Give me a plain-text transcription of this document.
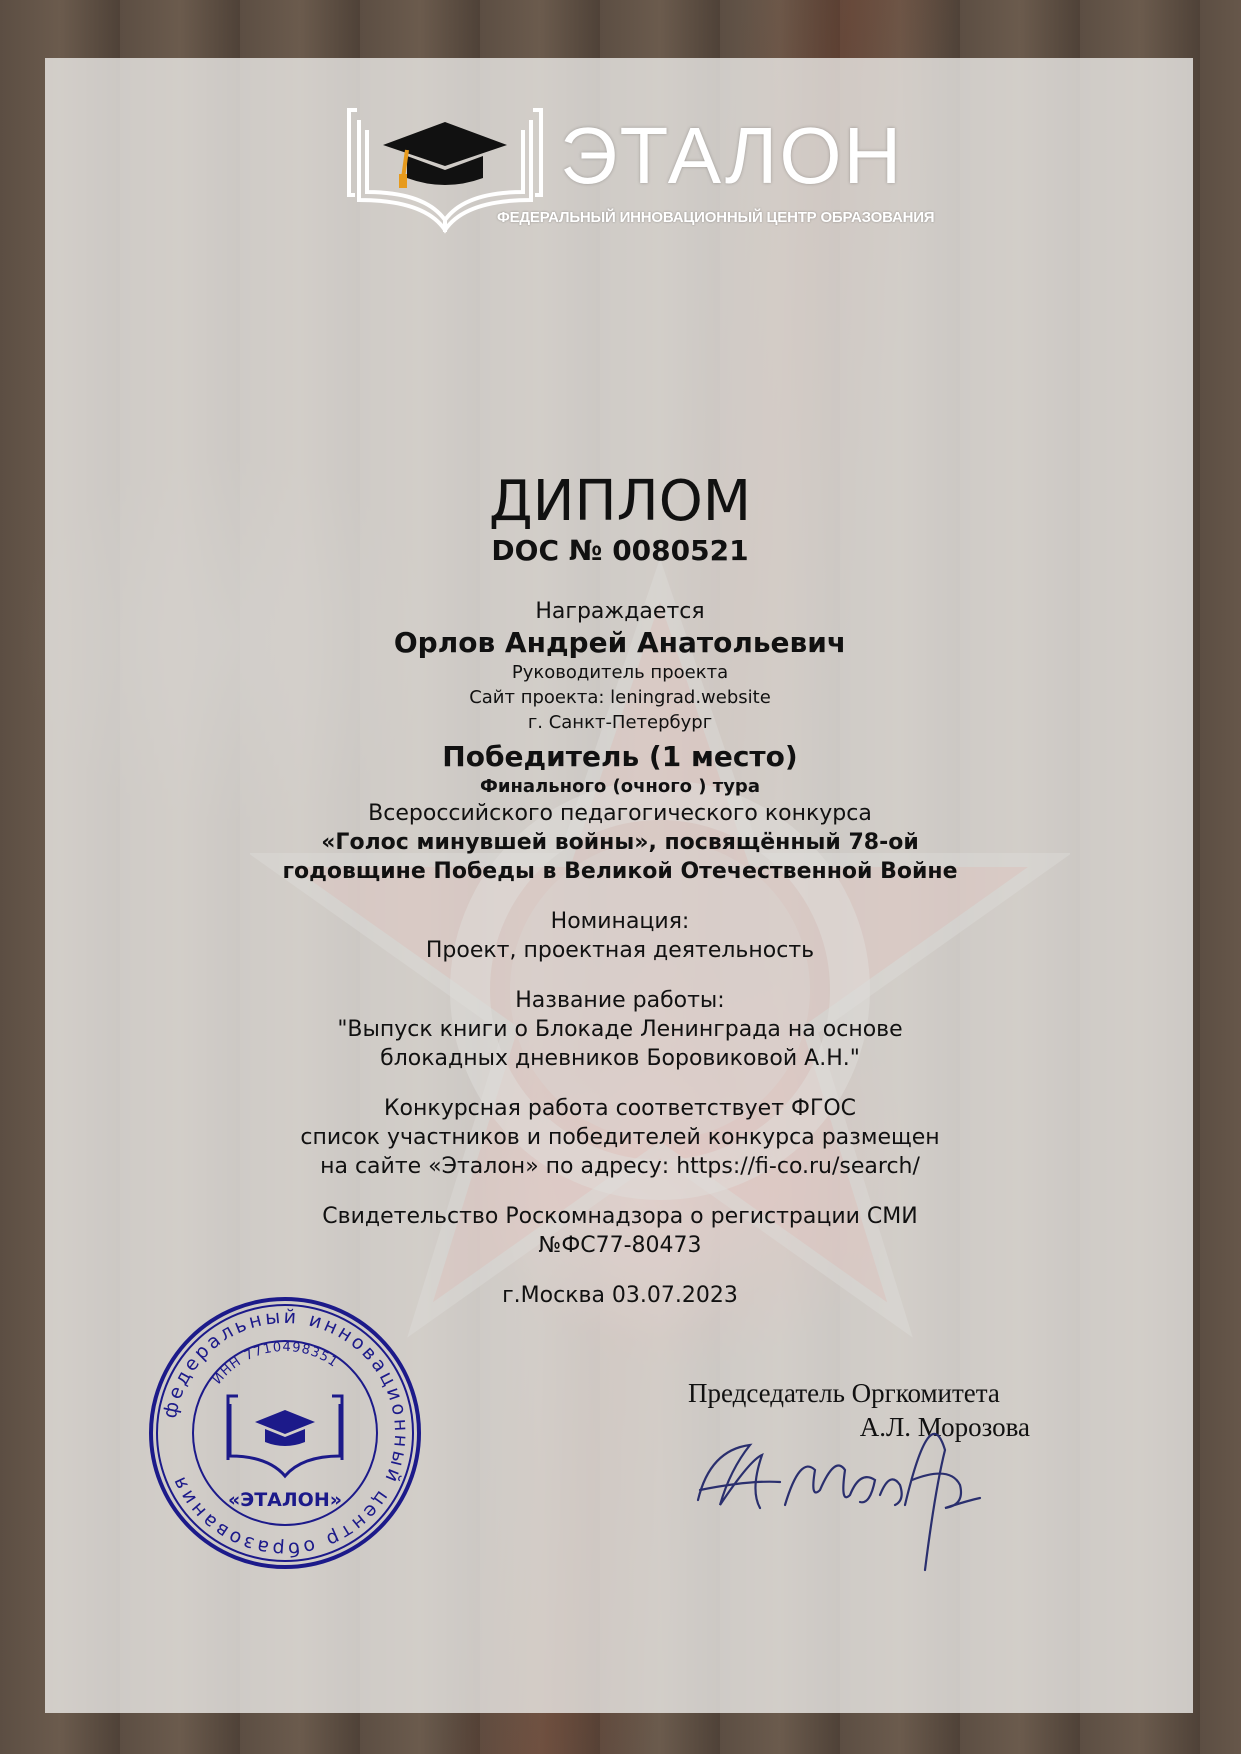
ЭТАЛОН
ФЕДЕРАЛЬНЫЙ ИННОВАЦИОННЫЙ ЦЕНТР ОБРАЗОВАНИЯ
ДИПЛОМ
DOC № 0080521
Награждается
Орлов Андрей Анатольевич
Руководитель проекта
Сайт проекта: leningrad.website
г. Санкт-Петербург
Победитель (1 место)
Финального (очного ) тура
Всероссийского педагогического конкурса
«Голос минувшей войны», посвящённый 78-ой годовщине Победы в Великой Отечественной Войне
Номинация:
Проект, проектная деятельность
Название работы:
"Выпуск книги о Блокаде Ленинграда на основе блокадных дневников Боровиковой А.Н."
Конкурсная работа соответствует ФГОС
список участников и победителей конкурса размещен
на сайте «Эталон» по адресу: https://fi-co.ru/search/
Свидетельство Роскомнадзора о регистрации СМИ
№ФС77-80473
г.Москва 03.07.2023
Председатель Оргкомитета
А.Л. Морозова
федеральный инновационный центр образования
ИНН 7710498351
«ЭТАЛОН»
